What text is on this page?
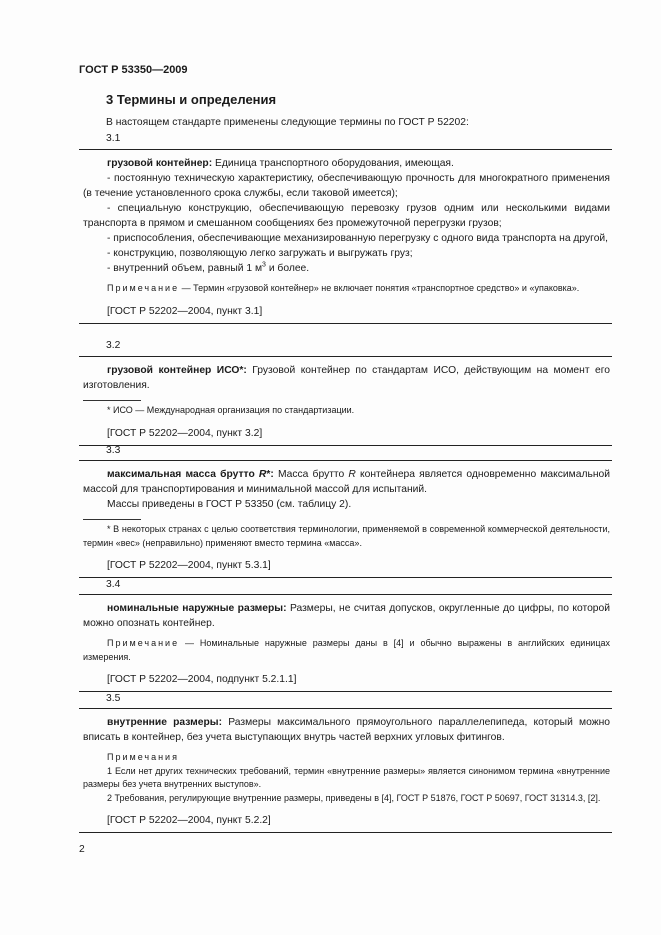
ГОСТ Р 53350—2009
3 Термины и определения
В настоящем стандарте применены следующие термины по ГОСТ Р 52202:
3.1

грузовой контейнер: Единица транспортного оборудования, имеющая.

- постоянную техническую характеристику, обеспечивающую прочность для многократного применения (в течение установленного срока службы, если таковой имеется);

- специальную конструкцию, обеспечивающую перевозку грузов одним или несколькими видами транспорта в прямом и смешанном сообщениях без промежуточной перегрузки грузов;

- приспособления, обеспечивающие механизированную перегрузку с одного вида транспорта на другой,

- конструкцию, позволяющую легко загружать и выгружать груз;

- внутренний объем, равный 1 $м^3$ и более.

Примечание — Термин «грузовой контейнер» не включает понятия «транспортное средство» и «упаковка».

[ГОСТ Р 52202—2004, пункт 3.1]

3.2

грузовой контейнер ИСО*: Грузовой контейнер по стандартам ИСО, действующим на момент его изготовления.

* ИСО — Международная организация по стандартизации.

[ГОСТ Р 52202—2004, пункт 3.2]

3.3

максимальная масса брутто R*: Масса брутто R контейнера является одновременно максимальной массой для транспортирования и минимальной массой для испытаний.

Массы приведены в ГОСТ Р 53350 (см. таблицу 2).

* В некоторых странах с целью соответствия терминологии, применяемой в современной коммерческой деятельности, термин «вес» (неправильно) применяют вместо термина «масса».

[ГОСТ Р 52202—2004, пункт 5.3.1]

3.4

номинальные наружные размеры: Размеры, не считая допусков, округленные до цифры, по которой можно опознать контейнер.

Примечание — Номинальные наружные размеры даны в [4] и обычно выражены в английских единицах измерения.

[ГОСТ Р 52202—2004, подпункт 5.2.1.1]

3.5

внутренние размеры: Размеры максимального прямоугольного параллелепипеда, который можно вписать в контейнер, без учета выступающих внутрь частей верхних угловых фитингов.

Примечания

1 Если нет других технических требований, термин «внутренние размеры» является синонимом термина «внутренние размеры без учета внутренних выступов».

2 Требования, регулирующие внутренние размеры, приведены в [4], ГОСТ Р 51876, ГОСТ Р 50697, ГОСТ 31314.3, [2].

[ГОСТ Р 52202—2004, пункт 5.2.2]

2
